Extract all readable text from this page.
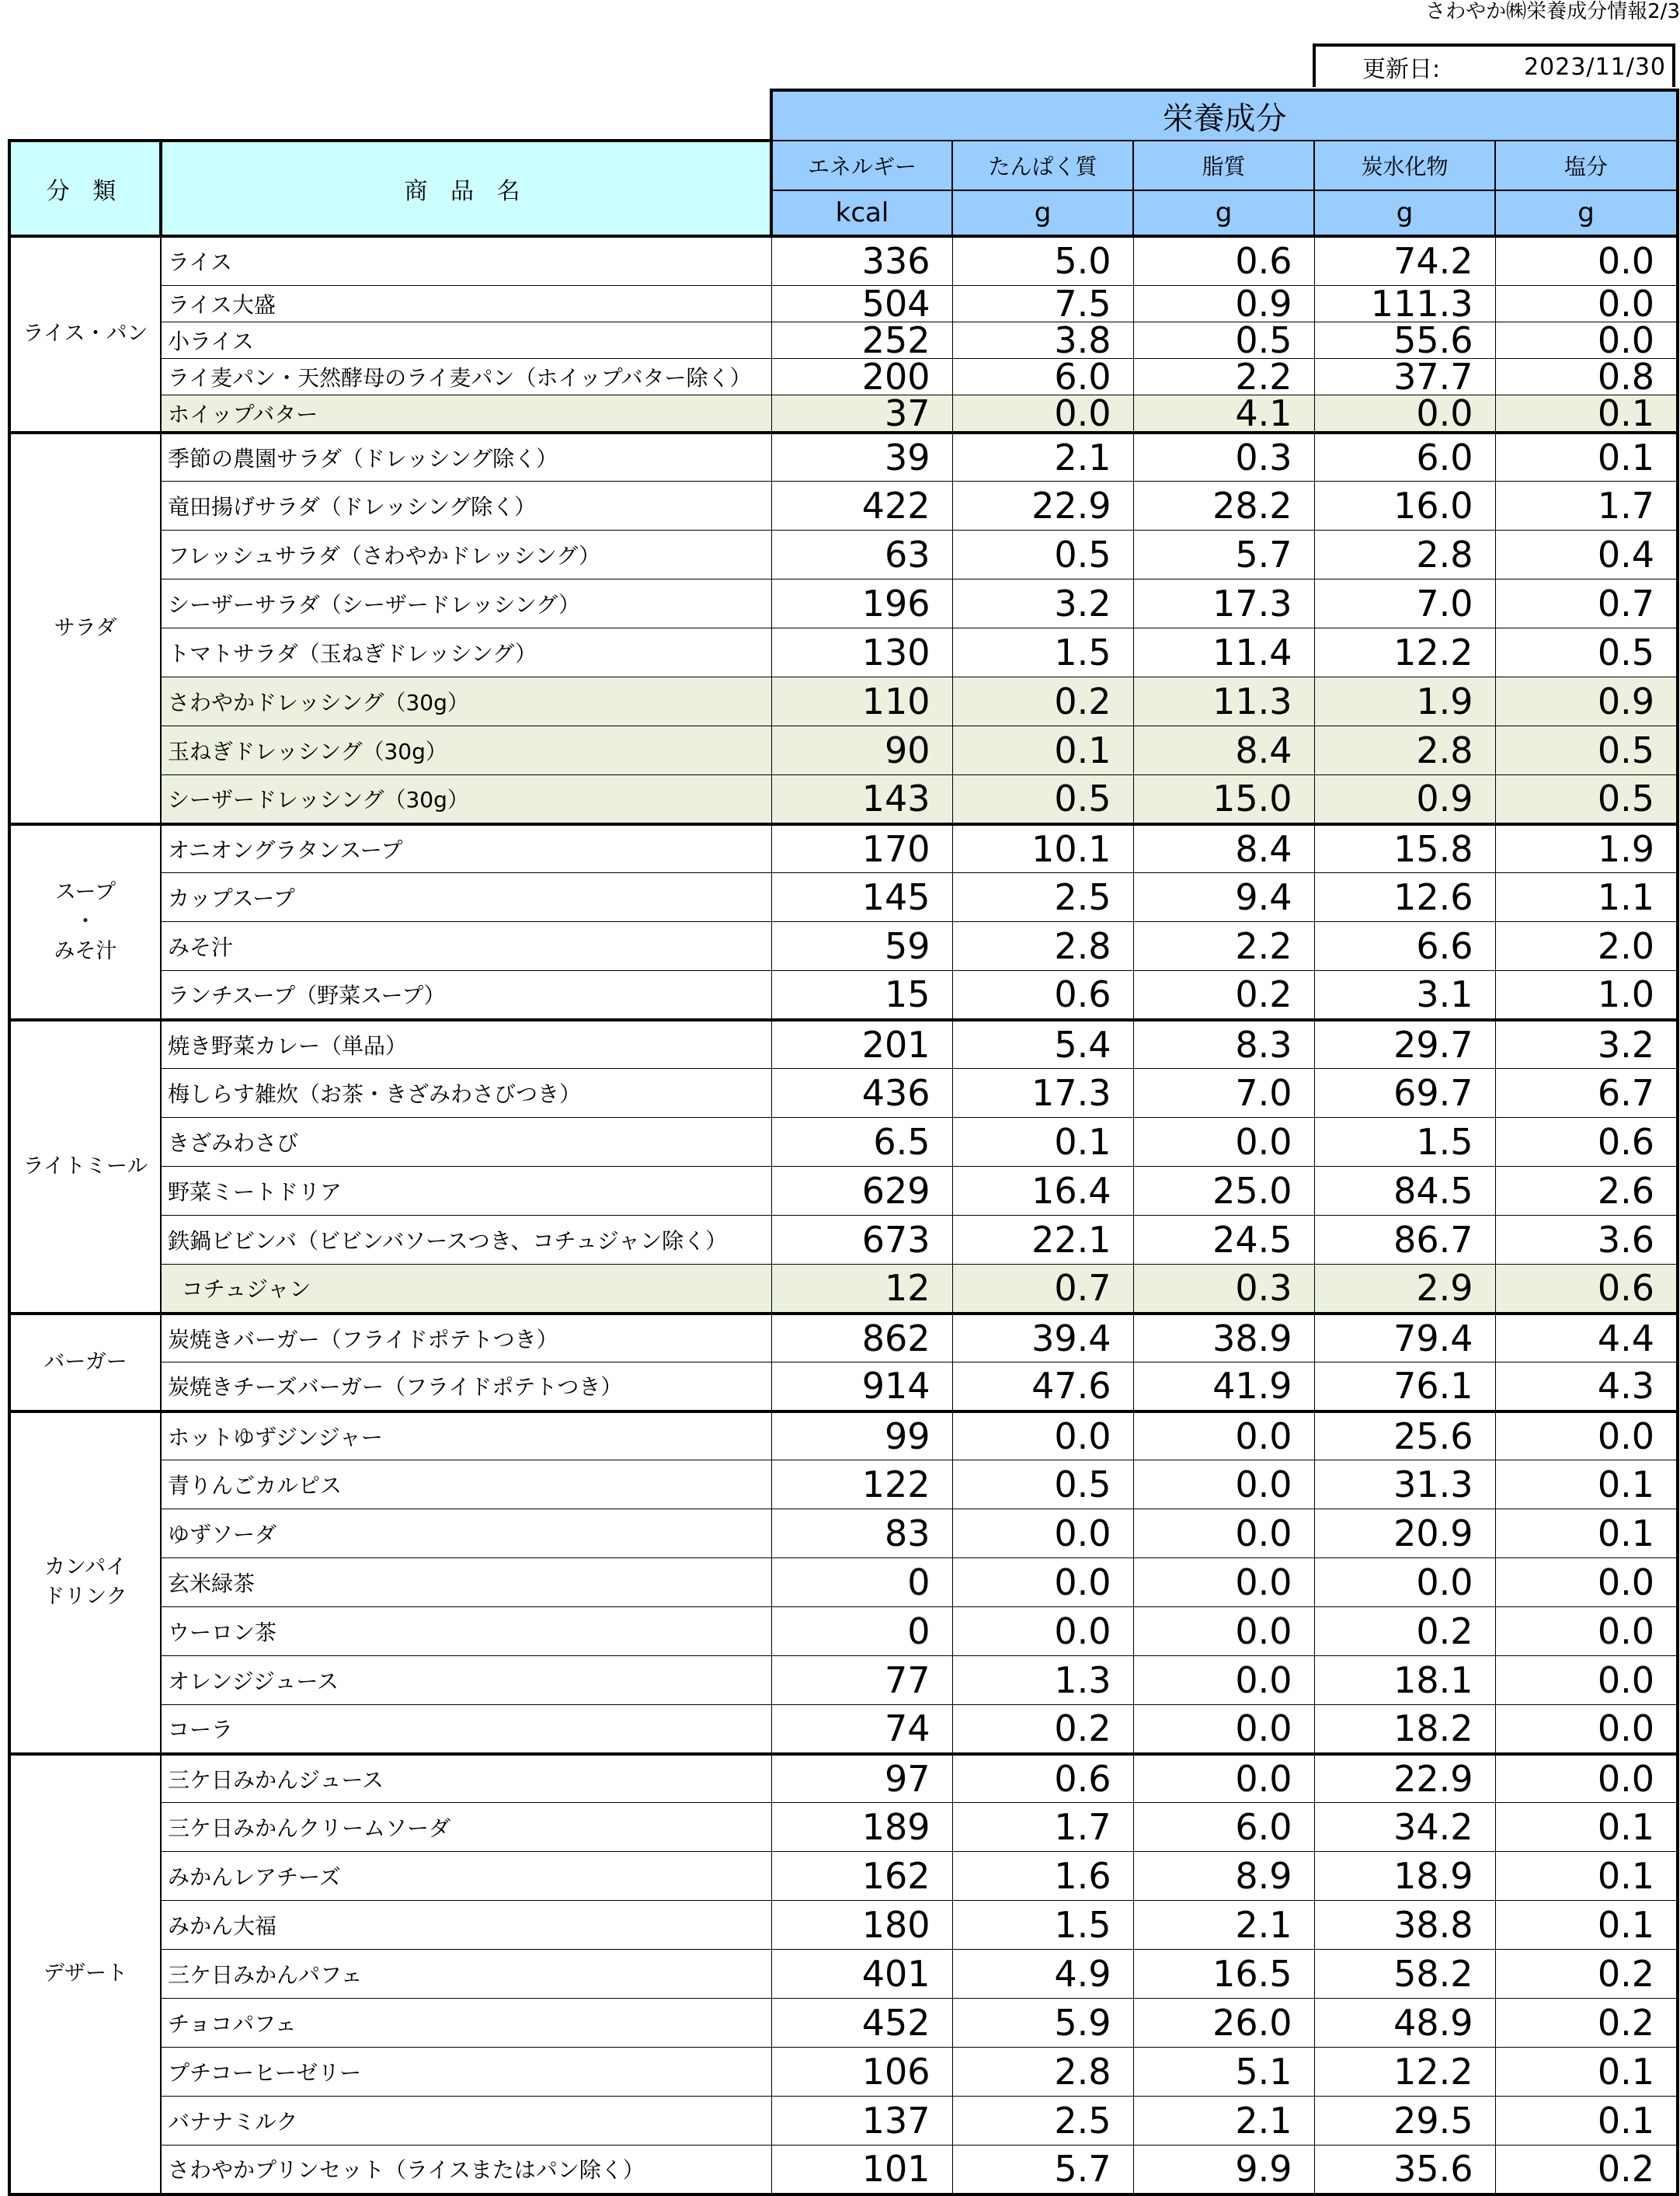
さわやか㈱栄養成分情報2/3
更新日:	2023/11/30
		栄養成分				
分 類	商 品 名	エネルギー	たんぱく質	脂質	炭水化物	塩分
		kcal	g	g	g	g

ライス・パン	ライス	336	5.0	0.6	74.2	0.0
	ライス大盛	504	7.5	0.9	111.3	0.0
	小ライス	252	3.8	0.5	55.6	0.0
	ライ麦パン・天然酵母のライ麦パン（ホイップバター除く）	200	6.0	2.2	37.7	0.8
	ホイップバター	37	0.0	4.1	0.0	0.1

サラダ	季節の農園サラダ（ドレッシング除く）	39	2.1	0.3	6.0	0.1
	竜田揚げサラダ（ドレッシング除く）	422	22.9	28.2	16.0	1.7
	フレッシュサラダ（さわやかドレッシング）	63	0.5	5.7	2.8	0.4
	シーザーサラダ（シーザードレッシング）	196	3.2	17.3	7.0	0.7
	トマトサラダ（玉ねぎドレッシング）	130	1.5	11.4	12.2	0.5
	さわやかドレッシング（30g）	110	0.2	11.3	1.9	0.9
	玉ねぎドレッシング（30g）	90	0.1	8.4	2.8	0.5
	シーザードレッシング（30g）	143	0.5	15.0	0.9	0.5

スープ
・
みそ汁	オニオングラタンスープ	170	10.1	8.4	15.8	1.9
	カップスープ	145	2.5	9.4	12.6	1.1
	みそ汁	59	2.8	2.2	6.6	2.0
	ランチスープ（野菜スープ）	15	0.6	0.2	3.1	1.0

ライトミール	焼き野菜カレー（単品）	201	5.4	8.3	29.7	3.2
	梅しらす雑炊（お茶・きざみわさびつき）	436	17.3	7.0	69.7	6.7
	きざみわさび	6.5	0.1	0.0	1.5	0.6
	野菜ミートドリア	629	16.4	25.0	84.5	2.6
	鉄鍋ビビンバ（ビビンバソースつき、コチュジャン除く）	673	22.1	24.5	86.7	3.6
	コチュジャン	12	0.7	0.3	2.9	0.6

バーガー	炭焼きバーガー（フライドポテトつき）	862	39.4	38.9	79.4	4.4
	炭焼きチーズバーガー（フライドポテトつき）	914	47.6	41.9	76.1	4.3

カンパイ
ドリンク	ホットゆずジンジャー	99	0.0	0.0	25.6	0.0
	青りんごカルピス	122	0.5	0.0	31.3	0.1
	ゆずソーダ	83	0.0	0.0	20.9	0.1
	玄米緑茶	0	0.0	0.0	0.0	0.0
	ウーロン茶	0	0.0	0.0	0.2	0.0
	オレンジジュース	77	1.3	0.0	18.1	0.0
	コーラ	74	0.2	0.0	18.2	0.0

デザート	三ケ日みかんジュース	97	0.6	0.0	22.9	0.0
	三ケ日みかんクリームソーダ	189	1.7	6.0	34.2	0.1
	みかんレアチーズ	162	1.6	8.9	18.9	0.1
	みかん大福	180	1.5	2.1	38.8	0.1
	三ケ日みかんパフェ	401	4.9	16.5	58.2	0.2
	チョコパフェ	452	5.9	26.0	48.9	0.2
	プチコーヒーゼリー	106	2.8	5.1	12.2	0.1
	バナナミルク	137	2.5	2.1	29.5	0.1
	さわやかプリンセット（ライスまたはパン除く）	101	5.7	9.9	35.6	0.2
